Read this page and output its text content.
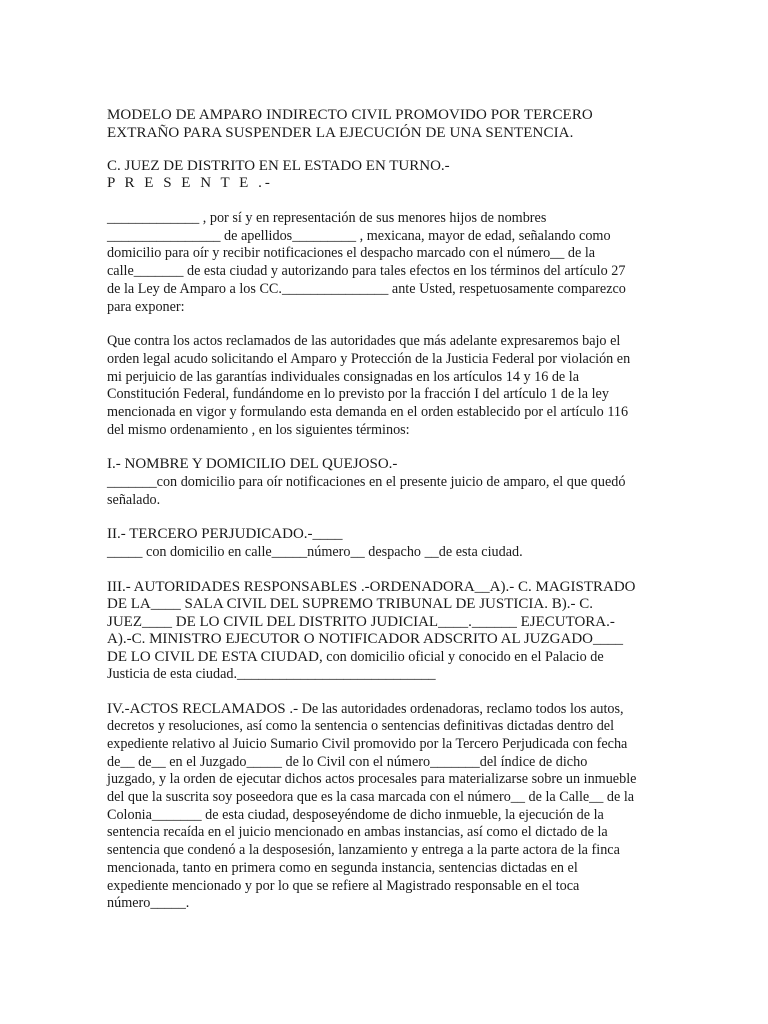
MODELO DE AMPARO INDIRECTO CIVIL PROMOVIDO POR TERCERO EXTRAÑO PARA SUSPENDER LA EJECUCIÓN DE UNA SENTENCIA.
C. JUEZ DE DISTRITO EN EL ESTADO EN TURNO.-
P R E S E N T E .-
_____________ , por sí y en representación de sus menores hijos de nombres ________________ de apellidos_________ , mexicana, mayor de edad, señalando como domicilio para oír y recibir notificaciones el despacho marcado con el número__ de la calle_______ de esta ciudad y autorizando para tales efectos en los términos del artículo 27 de la Ley de Amparo a los CC._______________ ante Usted, respetuosamente comparezco para exponer:
Que contra los actos reclamados de las autoridades que más adelante expresaremos bajo el orden legal acudo solicitando el Amparo y Protección de la Justicia Federal por violación en mi perjuicio de las garantías individuales consignadas en los artículos 14 y 16 de la Constitución Federal, fundándome en lo previsto por la fracción I del artículo 1 de la ley mencionada en vigor y formulando esta demanda en el orden establecido por el artículo 116 del mismo ordenamiento , en los siguientes términos:
I.- NOMBRE Y DOMICILIO DEL QUEJOSO.-
_______con domicilio para oír notificaciones en el presente juicio de amparo, el que quedó señalado.
II.- TERCERO PERJUDICADO.-____
_____ con domicilio en calle_____número__ despacho __de esta ciudad.
III.- AUTORIDADES RESPONSABLES .-ORDENADORA__A).- C. MAGISTRADO DE LA____ SALA CIVIL DEL SUPREMO TRIBUNAL DE JUSTICIA. B).- C. JUEZ____ DE LO CIVIL DEL DISTRITO JUDICIAL____.______ EJECUTORA.-A).-C. MINISTRO EJECUTOR O NOTIFICADOR ADSCRITO AL JUZGADO____ DE LO CIVIL DE ESTA CIUDAD, con domicilio oficial y conocido en el Palacio de Justicia de esta ciudad.____________________________
IV.-ACTOS RECLAMADOS .- De las autoridades ordenadoras, reclamo todos los autos, decretos y resoluciones, así como la sentencia o sentencias definitivas dictadas dentro del expediente relativo al Juicio Sumario Civil promovido por la Tercero Perjudicada con fecha de__ de__ en el Juzgado_____ de lo Civil con el número_______del índice de dicho juzgado, y la orden de ejecutar dichos actos procesales para materializarse sobre un inmueble del que la suscrita soy poseedora que es la casa marcada con el número__ de la Calle__ de la Colonia_______ de esta ciudad, desposeyéndome de dicho inmueble, la ejecución de la sentencia recaída en el juicio mencionado en ambas instancias, así como el dictado de la sentencia que condenó a la desposesión, lanzamiento y entrega a la parte actora de la finca mencionada, tanto en primera como en segunda instancia, sentencias dictadas en el expediente mencionado y por lo que se refiere al Magistrado responsable en el toca número_____.
